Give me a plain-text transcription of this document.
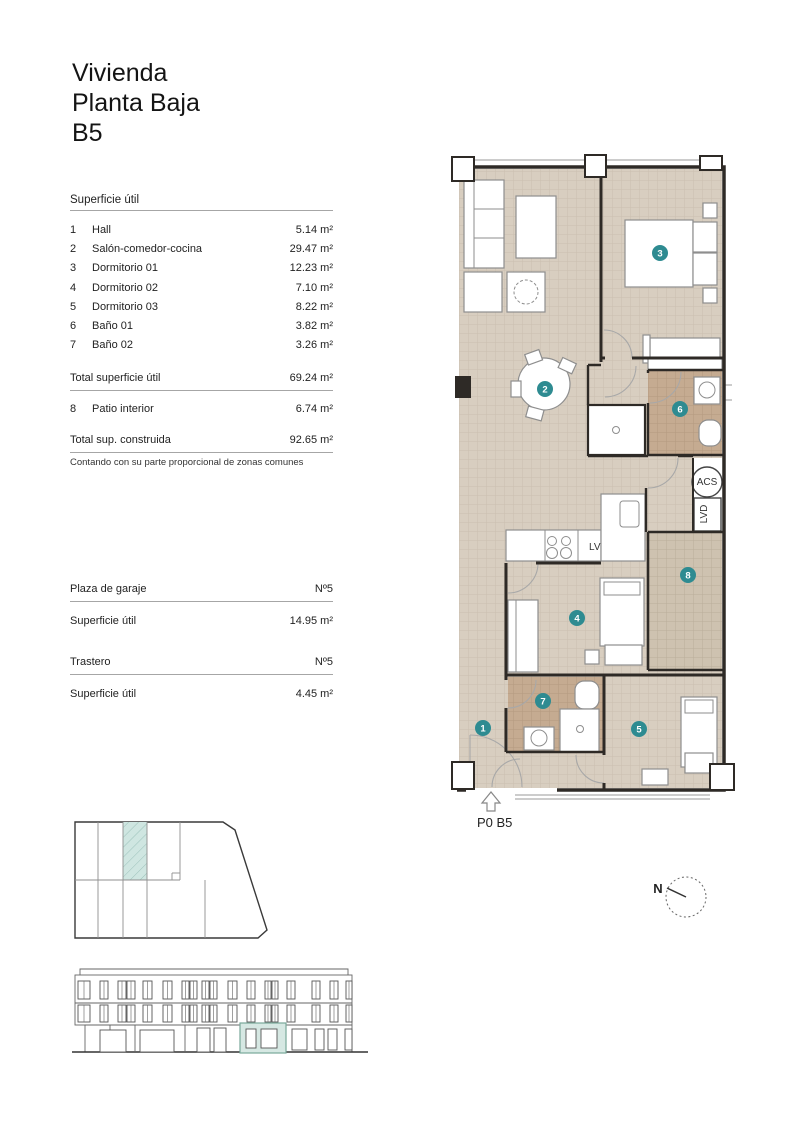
Vivienda
Planta Baja
B5
Superficie útil
1	Hall	5.14 m²
2	Salón-comedor-cocina	29.47 m²
3	Dormitorio 01	12.23 m²
4	Dormitorio 02	7.10 m²
5	Dormitorio 03	8.22 m²
6	Baño 01	3.82 m²
7	Baño 02	3.26 m²
Total superficie útil	69.24 m²
8	Patio interior	6.74 m²
Total sup. construida	92.65 m²
Contando con su parte proporcional de zonas comunes
Plaza de garaje	Nº5
Superficie útil	14.95 m²
Trastero	Nº5
Superficie útil	4.45 m²
1
2
3
4
5
6
7
8
LV
ACS
LVD
P0 B5
N
